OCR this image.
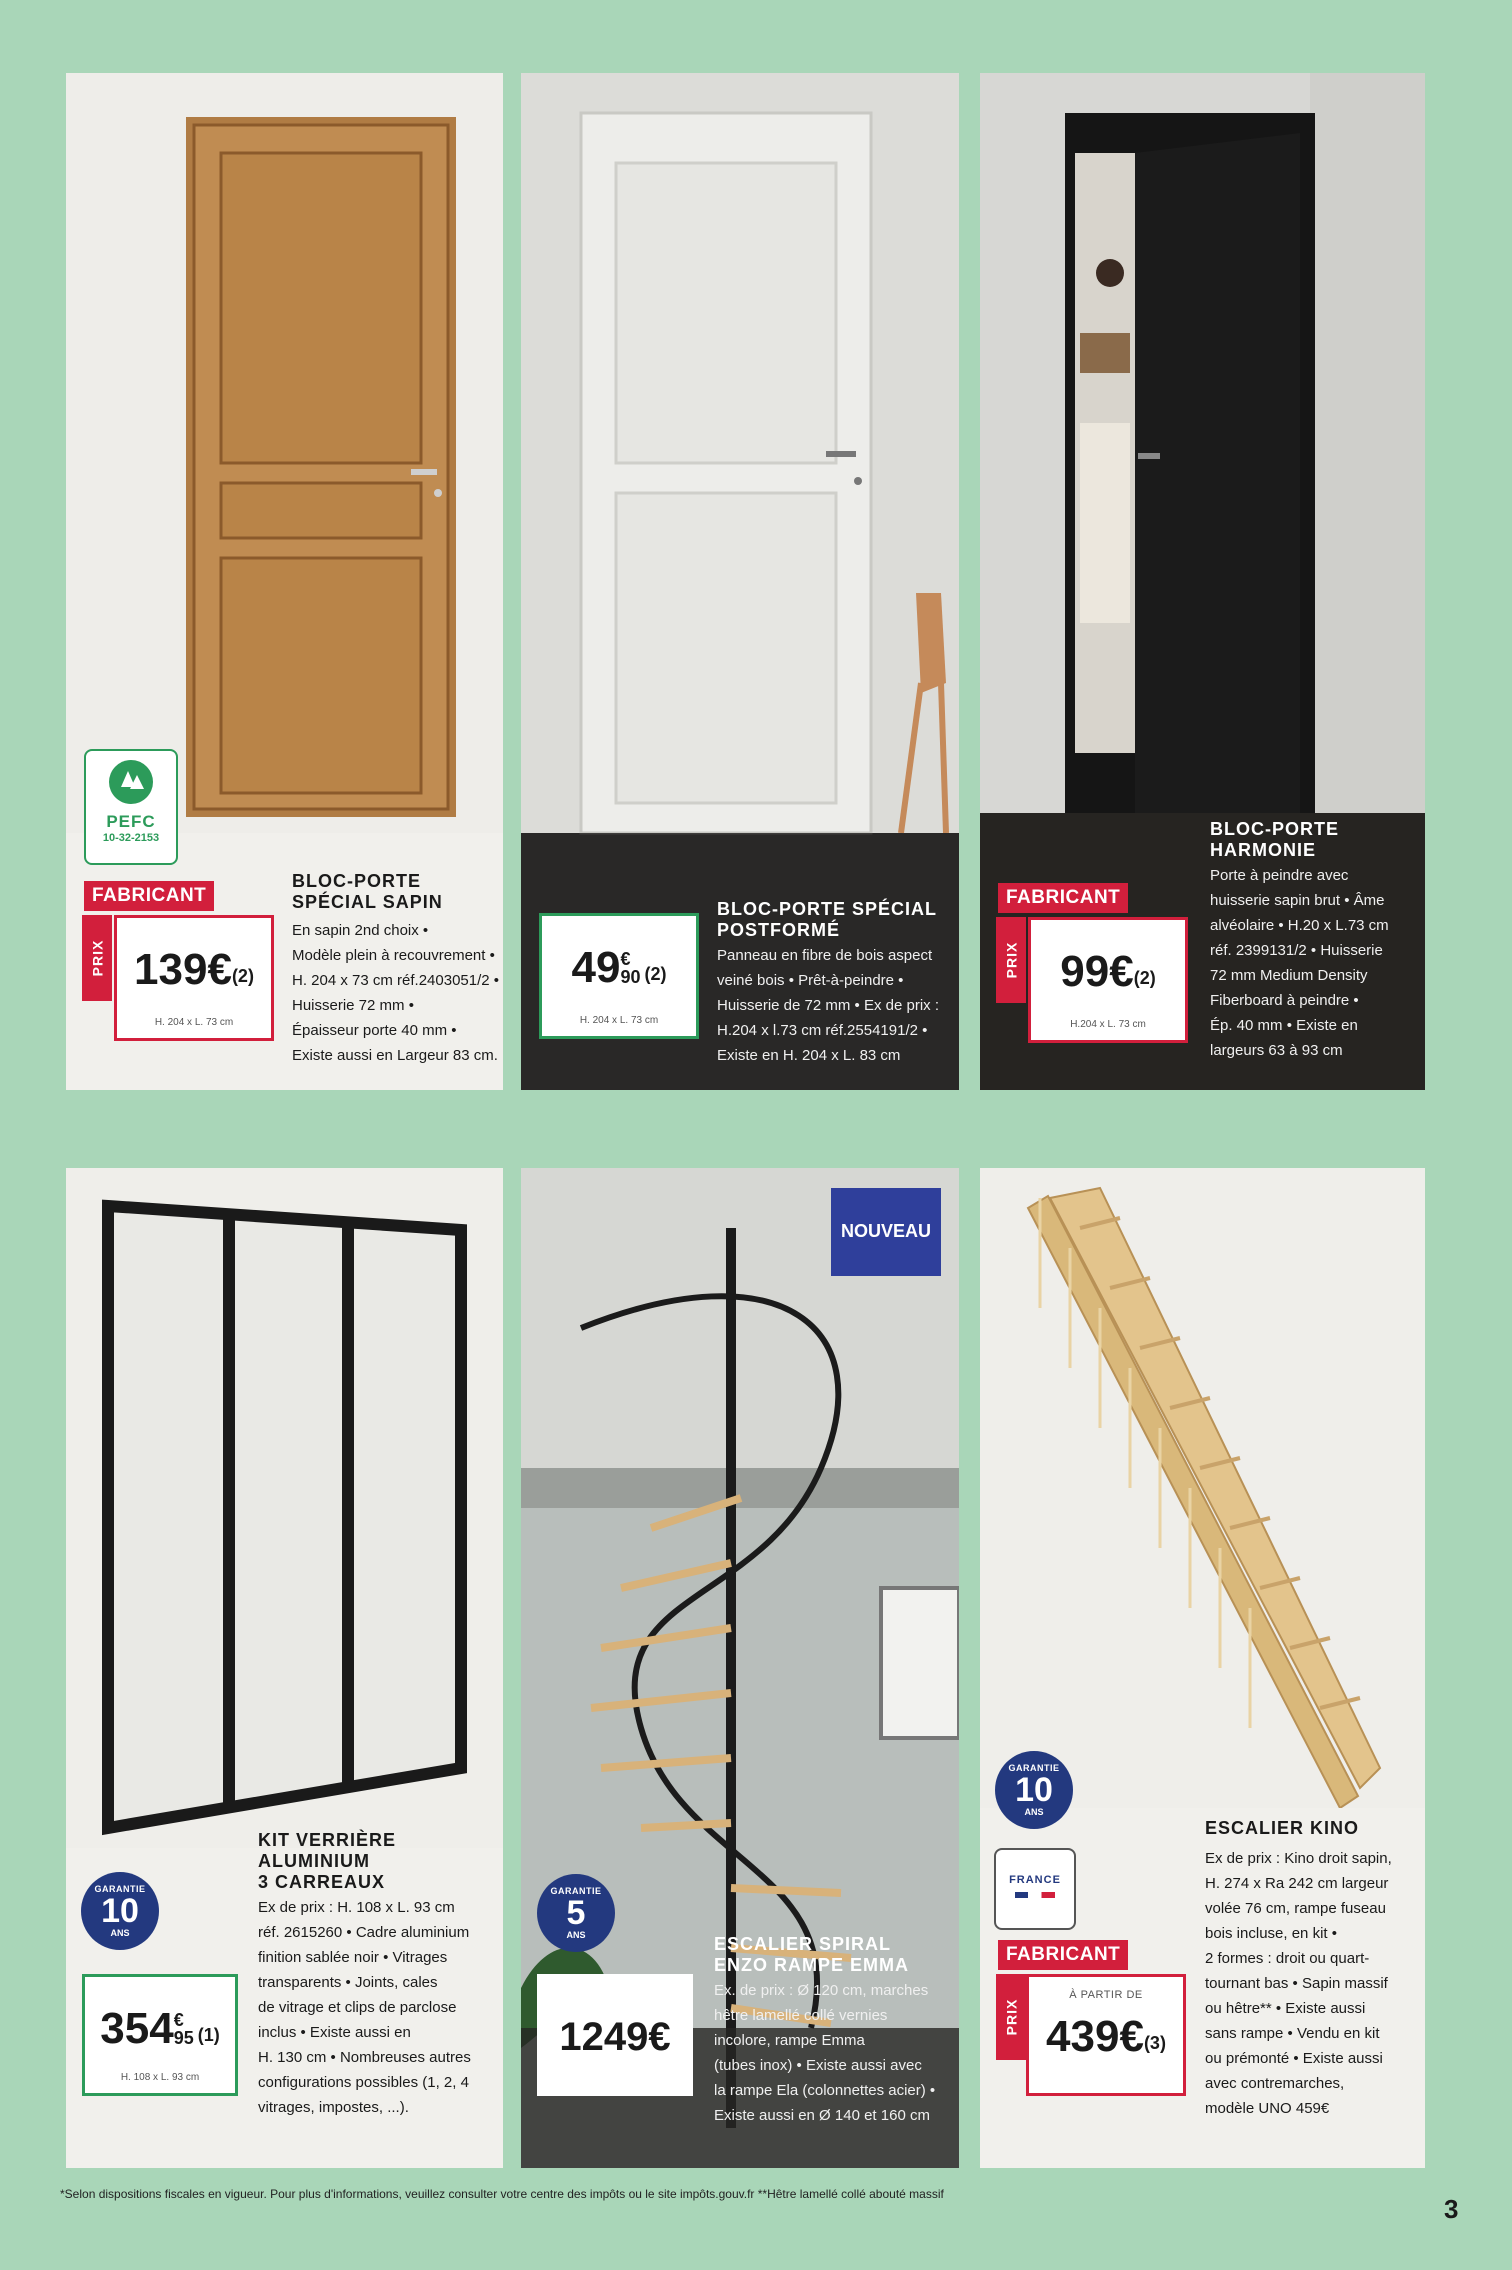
PEFC
10-32-2153
FABRICANT
PRIX 139€$^{(2)}$
H. 204 x L. 73 cm
BLOC-PORTE
SPÉCIAL SAPIN
En sapin 2nd choix •
Modèle plein à recouvrement •
H. 204 x 73 cm réf.2403051/2 •
Huisserie 72 mm •
Épaisseur porte 40 mm •
Existe aussi en Largeur 83 cm.
49€
90 $^{(2)}$
H. 204 x L. 73 cm
BLOC-PORTE SPÉCIAL
POSTFORMÉ
Panneau en fibre de bois aspect
veiné bois • Prêt-à-peindre •
Huisserie de 72 mm • Ex de prix :
H.204 x l.73 cm réf.2554191/2 •
Existe en H. 204 x L. 83 cm
FABRICANT
PRIX 99€$^{(2)}$
H.204 x L. 73 cm
BLOC-PORTE
HARMONIE
Porte à peindre avec
huisserie sapin brut • Âme
alvéolaire • H.20 x L.73 cm
réf. 2399131/2 • Huisserie
72 mm Medium Density
Fiberboard à peindre •
Ép. 40 mm • Existe en
largeurs 63 à 93 cm
GARANTIE
10
ANS
354€
95 $^{(1)}$
H. 108 x L. 93 cm
KIT VERRIÈRE
ALUMINIUM
3 CARREAUX
Ex de prix : H. 108 x L. 93 cm
réf. 2615260 • Cadre aluminium
finition sablée noir • Vitrages
transparents • Joints, cales
de vitrage et clips de parclose
inclus • Existe aussi en
H. 130 cm • Nombreuses autres
configurations possibles (1, 2, 4
vitrages, impostes, ...).
NOUVEAU
GARANTIE
5
ANS
1249€
ESCALIER SPIRAL
ENZO RAMPE EMMA
Ex. de prix : Ø 120 cm, marches
hêtre lamellé collé vernies
incolore, rampe Emma
(tubes inox) • Existe aussi avec
la rampe Ela (colonnettes acier) •
Existe aussi en Ø 140 et 160 cm
GARANTIE
10
ANS
FRANCE
FABRICANT
PRIX
À PARTIR DE
439€$^{(3)}$
ESCALIER KINO
Ex de prix : Kino droit sapin,
H. 274 x Ra 242 cm largeur
volée 76 cm, rampe fuseau
bois incluse, en kit •
2 formes : droit ou quart-
tournant bas • Sapin massif
ou hêtre** • Existe aussi
sans rampe • Vendu en kit
ou prémonté • Existe aussi
avec contremarches,
modèle UNO 459€
*Selon dispositions fiscales en vigueur. Pour plus d'informations, veuillez consulter votre centre des impôts ou le site impôts.gouv.fr **Hêtre lamellé collé abouté massif	3
